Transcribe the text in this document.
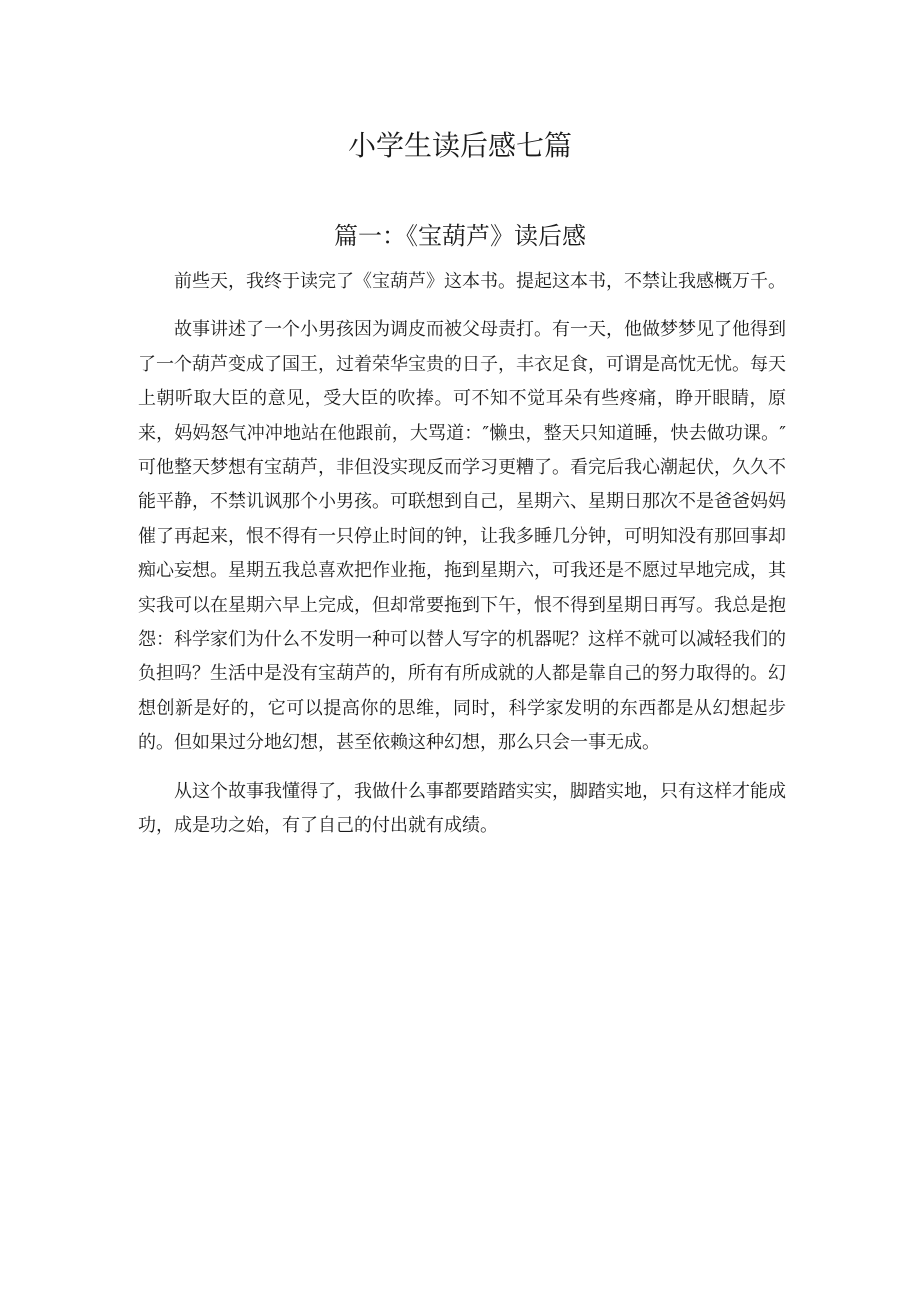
小学生读后感七篇
篇一：《宝葫芦》读后感

前些天，我终于读完了《宝葫芦》这本书。提起这本书，不禁让我感概万千。

故事讲述了一个小男孩因为调皮而被父母责打。有一天，他做梦梦见了他得到了一个葫芦变成了国王，过着荣华宝贵的日子，丰衣足食，可谓是高忱无忧。每天上朝听取大臣的意见，受大臣的吹捧。可不知不觉耳朵有些疼痛，睁开眼睛，原来，妈妈怒气冲冲地站在他跟前，大骂道：″懒虫，整天只知道睡，快去做功课。″可他整天梦想有宝葫芦，非但没实现反而学习更糟了。看完后我心潮起伏，久久不能平静，不禁讥讽那个小男孩。可联想到自己，星期六、星期日那次不是爸爸妈妈催了再起来，恨不得有一只停止时间的钟，让我多睡几分钟，可明知没有那回事却痴心妄想。星期五我总喜欢把作业拖，拖到星期六，可我还是不愿过早地完成，其实我可以在星期六早上完成，但却常要拖到下午，恨不得到星期日再写。我总是抱怨：科学家们为什么不发明一种可以替人写字的机器呢？这样不就可以减轻我们的负担吗？生活中是没有宝葫芦的，所有有所成就的人都是靠自己的努力取得的。幻想创新是好的，它可以提高你的思维，同时，科学家发明的东西都是从幻想起步的。但如果过分地幻想，甚至依赖这种幻想，那么只会一事无成。

从这个故事我懂得了，我做什么事都要踏踏实实，脚踏实地，只有这样才能成功，成是功之始，有了自己的付出就有成绩。
